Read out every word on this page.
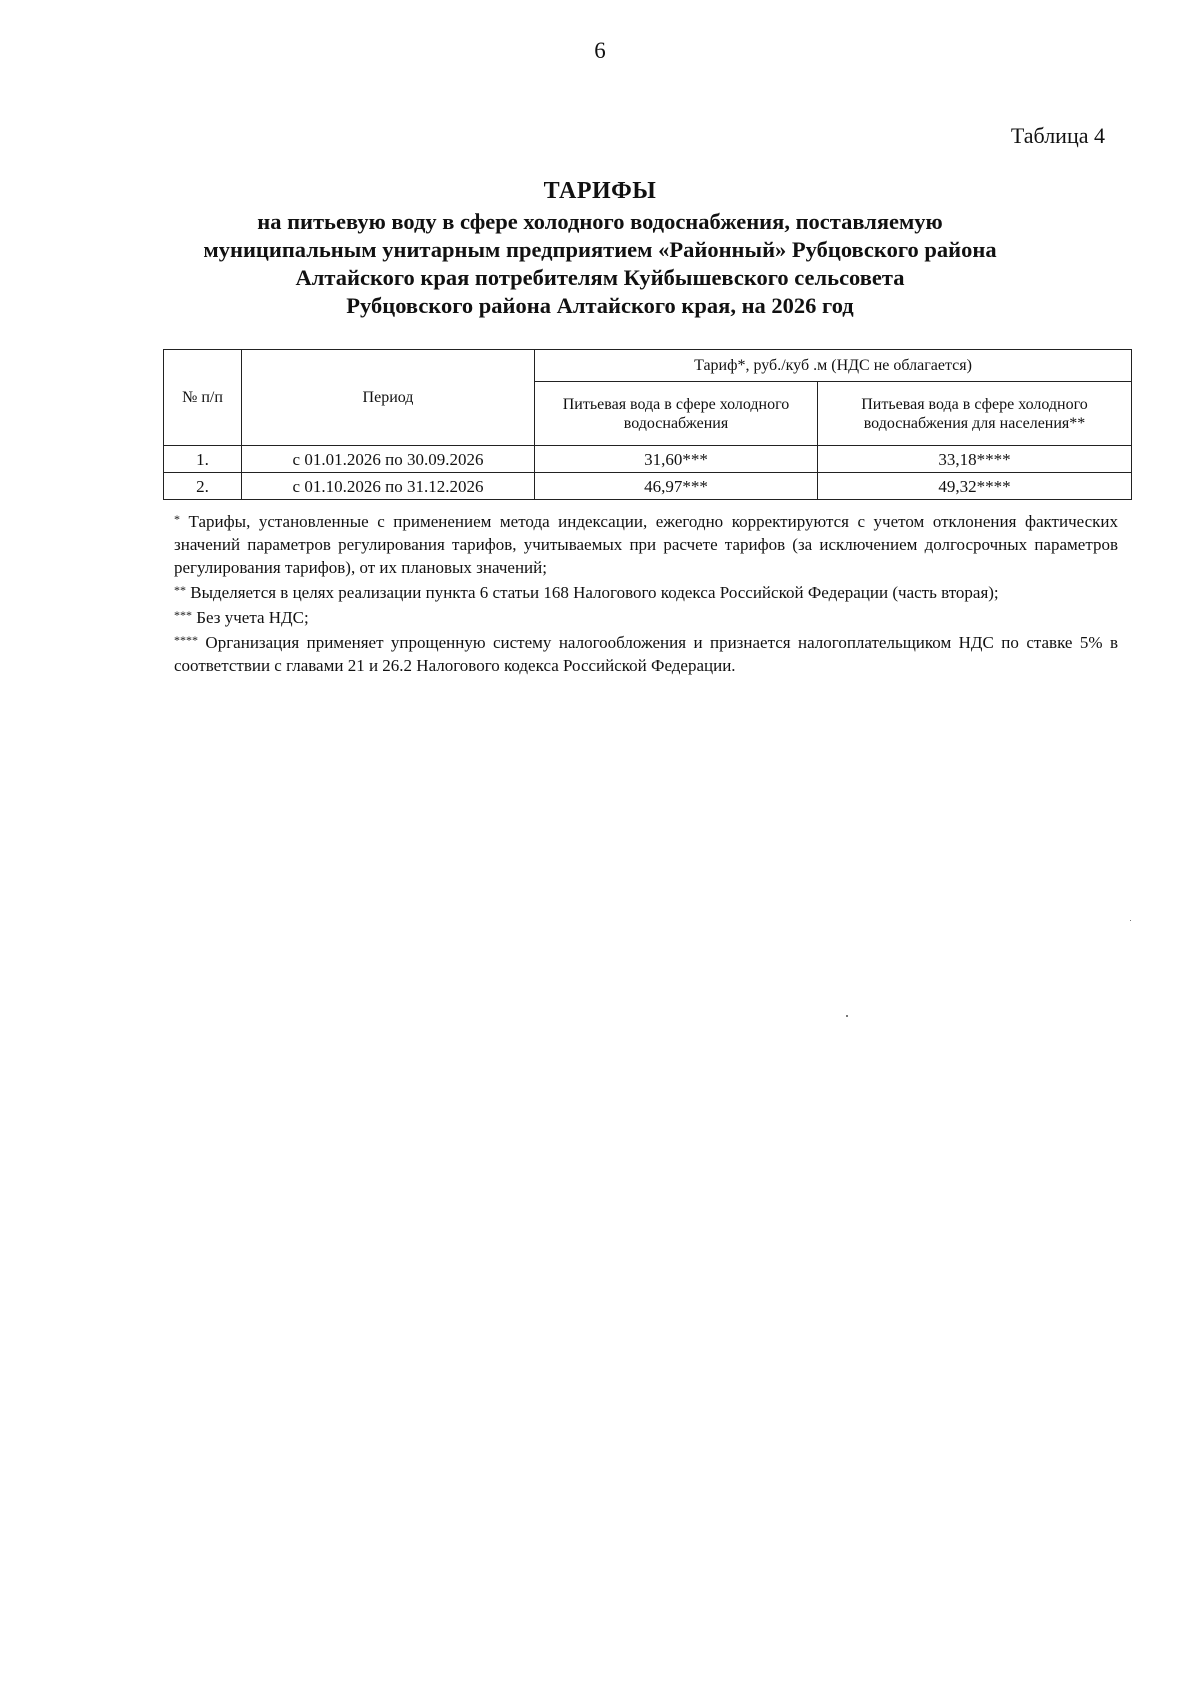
6
Таблица 4
ТАРИФЫ
на питьевую воду в сфере холодного водоснабжения, поставляемую
муниципальным унитарным предприятием «Районный» Рубцовского района
Алтайского края потребителям Куйбышевского сельсовета
Рубцовского района Алтайского края, на 2026 год
№ п/п	Период	Тариф*, руб./куб .м (НДС не облагается)	
		Питьевая вода в сфере холодного водоснабжения	Питьевая вода в сфере холодного водоснабжения для населения**
1.	с 01.01.2026 по 30.09.2026	31,60***	33,18****
2.	с 01.10.2026 по 31.12.2026	46,97***	49,32****

* Тарифы, установленные с применением метода индексации, ежегодно корректируются с учетом отклонения фактических значений параметров регулирования тарифов, учитываемых при расчете тарифов (за исключением долгосрочных параметров регулирования тарифов), от их плановых значений;

** Выделяется в целях реализации пункта 6 статьи 168 Налогового кодекса Российской Федерации (часть вторая);

*** Без учета НДС;

**** Организация применяет упрощенную систему налогообложения и признается налогоплательщиком НДС по ставке 5% в соответствии с главами 21 и 26.2 Налогового кодекса Российской Федерации.
